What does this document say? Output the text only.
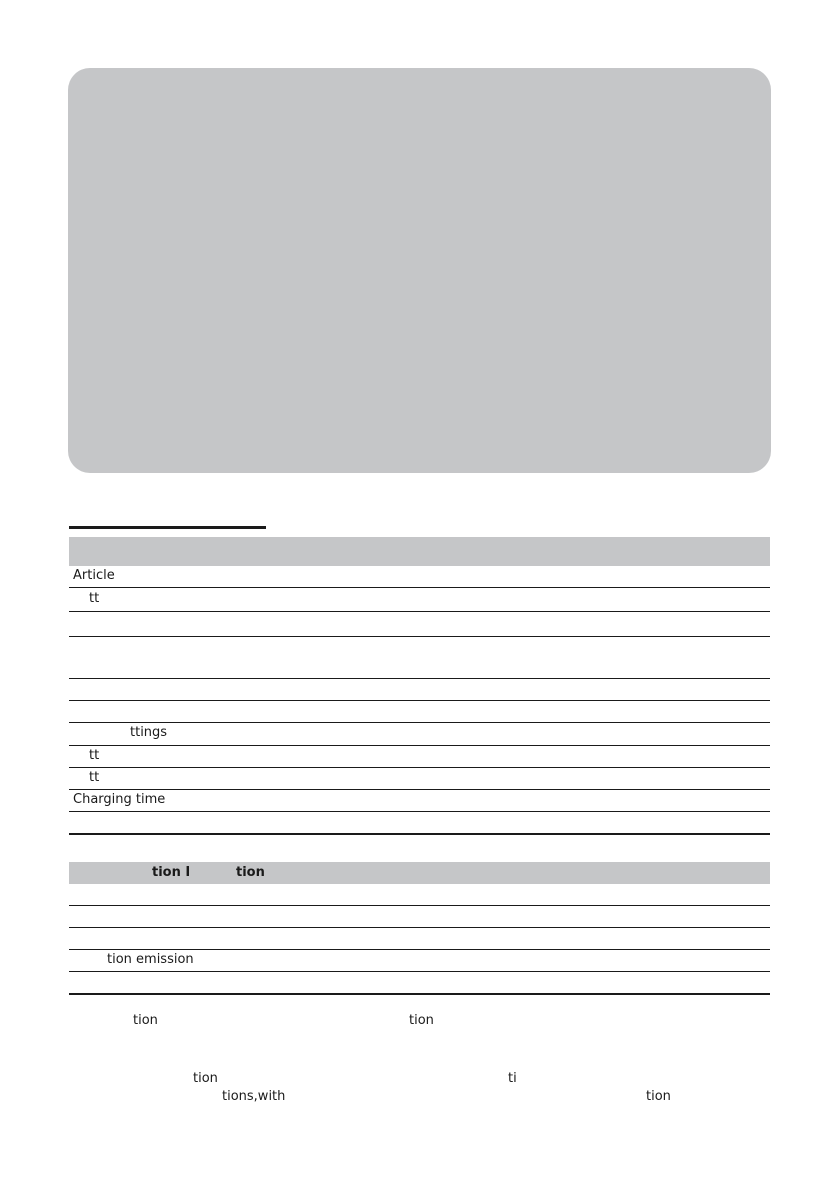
Article
tt
ttings
tt
tt
Charging time
tion I	tion
tion emission
tion	tion
tion	ti
tions,with	tion
